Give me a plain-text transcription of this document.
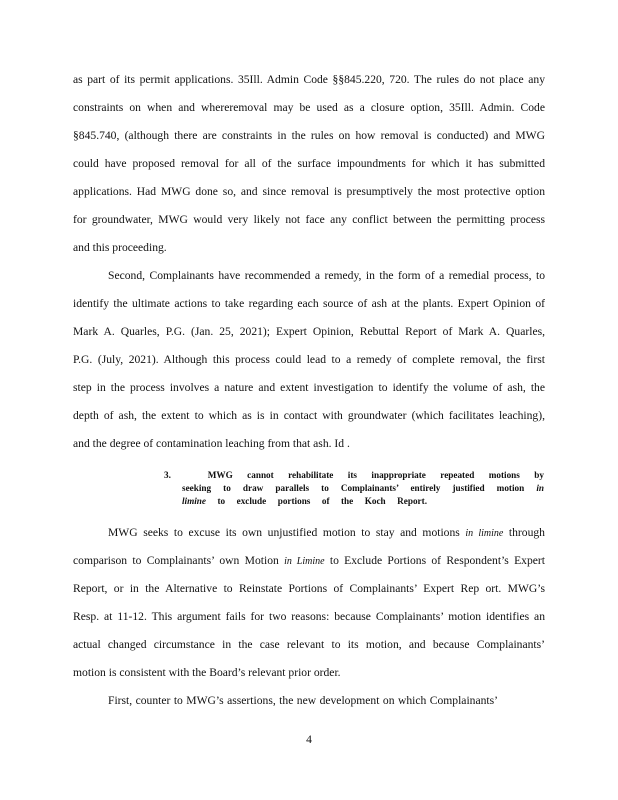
as part of its permit applications. 35Ill. Admin Code §§845.220, 720. The rules do not place any
constraints on when and whereremoval may be used as a closure option, 35Ill. Admin. Code
§845.740, (although there are constraints in the rules on how removal is conducted) and MWG
could have proposed removal for all of the surface impoundments for which it has submitted
applications. Had MWG done so, and since removal is presumptively the most protective option
for groundwater, MWG would very likely not face any conflict between the permitting process
and this proceeding.
Second, Complainants have recommended a remedy, in the form of a remedial process, to
identify the ultimate actions to take regarding each source of ash at the plants. Expert Opinion of
Mark A. Quarles, P.G. (Jan. 25, 2021); Expert Opinion, Rebuttal Report of Mark A. Quarles,
P.G. (July, 2021). Although this process could lead to a remedy of complete removal, the first
step in the process involves a nature and extent investigation to identify the volume of ash, the
depth of ash, the extent to which as is in contact with groundwater (which facilitates leaching),
and the degree of contamination leaching from that ash. Id .
3.	MWG cannot rehabilitate its inappropriate repeated motions by
seeking to draw parallels to Complainants’ entirely justified motion in
limine to exclude portions of the Koch Report.
MWG seeks to excuse its own unjustified motion to stay and motions in limine through
comparison to Complainants’ own Motion in Limine to Exclude Portions of Respondent’s Expert
Report, or in the Alternative to Reinstate Portions of Complainants’ Expert Rep ort. MWG’s
Resp. at 11-12. This argument fails for two reasons: because Complainants’ motion identifies an
actual changed circumstance in the case relevant to its motion, and because Complainants’
motion is consistent with the Board’s relevant prior order.
First, counter to MWG’s assertions, the new development on which Complainants’
4
